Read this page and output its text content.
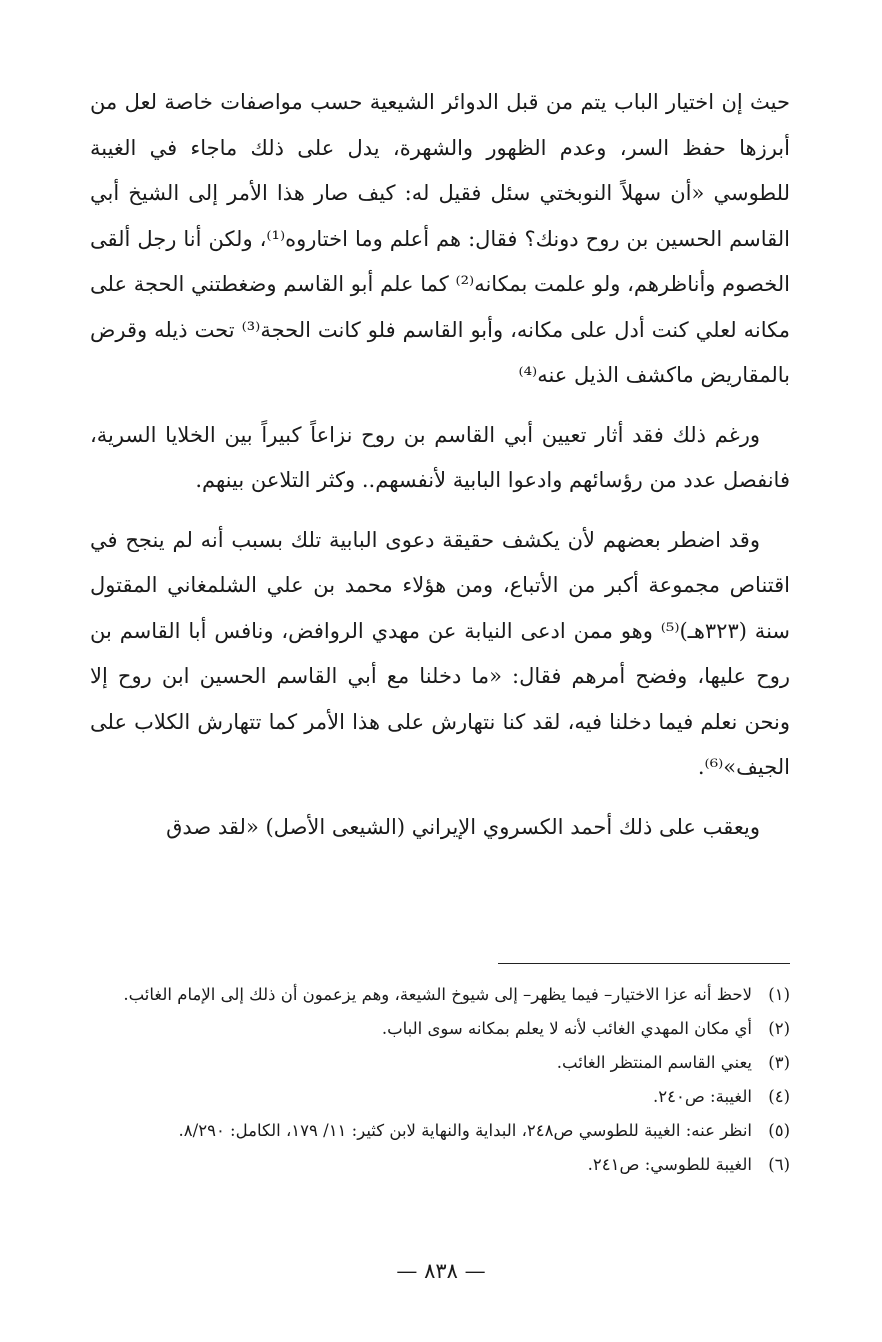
حيث إن اختيار الباب يتم من قبل الدوائر الشيعية حسب مواصفات خاصة لعل من أبرزها حفظ السر، وعدم الظهور والشهرة، يدل على ذلك ماجاء في الغيبة للطوسي «أن سهلاً النوبختي سئل فقيل له: كيف صار هذا الأمر إلى الشيخ أبي القاسم الحسين بن روح دونك؟ فقال: هم أعلم وما اختاروه⁽¹⁾، ولكن أنا رجل ألقى الخصوم وأناظرهم، ولو علمت بمكانه⁽²⁾ كما علم أبو القاسم وضغطتني الحجة على مكانه لعلي كنت أدل على مكانه، وأبو القاسم فلو كانت الحجة⁽³⁾ تحت ذيله وقرض بالمقاريض ماكشف الذيل عنه⁽⁴⁾

ورغم ذلك فقد أثار تعيين أبي القاسم بن روح نزاعاً كبيراً بين الخلايا السرية، فانفصل عدد من رؤسائهم وادعوا البابية لأنفسهم.. وكثر التلاعن بينهم.

وقد اضطر بعضهم لأن يكشف حقيقة دعوى البابية تلك بسبب أنه لم ينجح في اقتناص مجموعة أكبر من الأتباع، ومن هؤلاء محمد بن علي الشلمغاني المقتول سنة (٣٢٣هـ)⁽⁵⁾ وهو ممن ادعى النيابة عن مهدي الروافض، ونافس أبا القاسم بن روح عليها، وفضح أمرهم فقال: «ما دخلنا مع أبي القاسم الحسين ابن روح إلا ونحن نعلم فيما دخلنا فيه، لقد كنا نتهارش على هذا الأمر كما تتهارش الكلاب على الجيف»⁽⁶⁾.

ويعقب على ذلك أحمد الكسروي الإيراني (الشيعى الأصل) «لقد صدق

(١)
لاحظ أنه عزا الاختيار– فيما يظهر– إلى شيوخ الشيعة، وهم يزعمون أن ذلك إلى الإمام الغائب.
(٢)
أي مكان المهدي الغائب لأنه لا يعلم بمكانه سوى الباب.
(٣)
يعني القاسم المنتظر الغائب.
(٤)
الغيبة: ص٢٤٠.
(٥)
انظر عنه: الغيبة للطوسي ص٢٤٨، البداية والنهاية لابن كثير: ١١/ ١٧٩، الكامل: ٨/٢٩٠.
(٦)
الغيبة للطوسي: ص٢٤١.
— ٨٣٨ —
